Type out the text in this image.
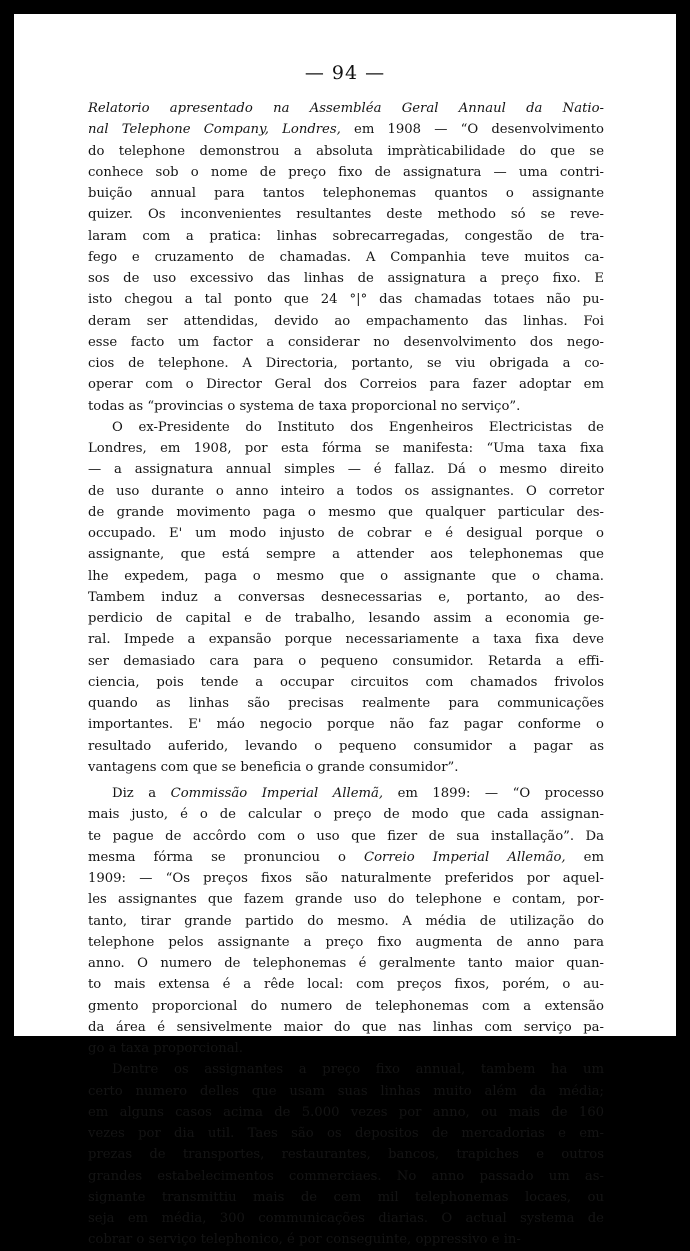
— 94 —
Relatorio apresentado na Assembléa Geral Annaul da Natio-
nal Telephone Company, Londres, em 1908 — “O desenvolvimento
do telephone demonstrou a absoluta impràticabilidade do que se
conhece sob o nome de preço fixo de assignatura — uma contri-
buição annual para tantos telephonemas quantos o assignante
quizer. Os inconvenientes resultantes deste methodo só se reve-
laram com a pratica: linhas sobrecarregadas, congestão de tra-
fego e cruzamento de chamadas. A Companhia teve muitos ca-
sos de uso excessivo das linhas de assignatura a preço fixo. E
isto chegou a tal ponto que 24 °|° das chamadas totaes não pu-
deram ser attendidas, devido ao empachamento das linhas. Foi
esse facto um factor a considerar no desenvolvimento dos nego-
cios de telephone. A Directoria, portanto, se viu obrigada a co-
operar com o Director Geral dos Correios para fazer adoptar em
todas as “provincias o systema de taxa proporcional no serviço”.
O ex-Presidente do Instituto dos Engenheiros Electricistas de
Londres, em 1908, por esta fórma se manifesta: “Uma taxa fixa
— a assignatura annual simples — é fallaz. Dá o mesmo direito
de uso durante o anno inteiro a todos os assignantes. O corretor
de grande movimento paga o mesmo que qualquer particular des-
occupado. E' um modo injusto de cobrar e é desigual porque o
assignante, que está sempre a attender aos telephonemas que
lhe expedem, paga o mesmo que o assignante que o chama.
Tambem induz a conversas desnecessarias e, portanto, ao des-
perdicio de capital e de trabalho, lesando assim a economia ge-
ral. Impede a expansão porque necessariamente a taxa fixa deve
ser demasiado cara para o pequeno consumidor. Retarda a effi-
ciencia, pois tende a occupar circuitos com chamados frivolos
quando as linhas são precisas realmente para communicações
importantes. E' máo negocio porque não faz pagar conforme o
resultado auferido, levando o pequeno consumidor a pagar as
vantagens com que se beneficia o grande consumidor”.
Diz a Commissão Imperial Allemã, em 1899: — “O processo
mais justo, é o de calcular o preço de modo que cada assignan-
te pague de accôrdo com o uso que fizer de sua installação”. Da
mesma fórma se pronunciou o Correio Imperial Allemão, em
1909: — “Os preços fixos são naturalmente preferidos por aquel-
les assignantes que fazem grande uso do telephone e contam, por-
tanto, tirar grande partido do mesmo. A média de utilização do
telephone pelos assignante a preço fixo augmenta de anno para
anno. O numero de telephonemas é geralmente tanto maior quan-
to mais extensa é a rêde local: com preços fixos, porém, o au-
gmento proporcional do numero de telephonemas com a extensão
da área é sensivelmente maior do que nas linhas com serviço pa-
go a taxa proporcional.
Dentre os assignantes a preço fixo annual, tambem ha um
certo numero delles que usam suas linhas muito além da média;
em alguns casos acima de 5.000 vezes por anno, ou mais de 160
vezes por dia util. Taes são os depositos de mercadorias e em-
prezas de transportes, restaurantes, bancos, trapiches e outros
grandes estabelecimentos commerciaes. No anno passado um as-
signante transmittiu mais de cem mil telephonemas locaes, ou
seja em média, 300 communicações diarias. O actual systema de
cobrar o serviço telephonico, é por conseguinte, oppressivo e in-
